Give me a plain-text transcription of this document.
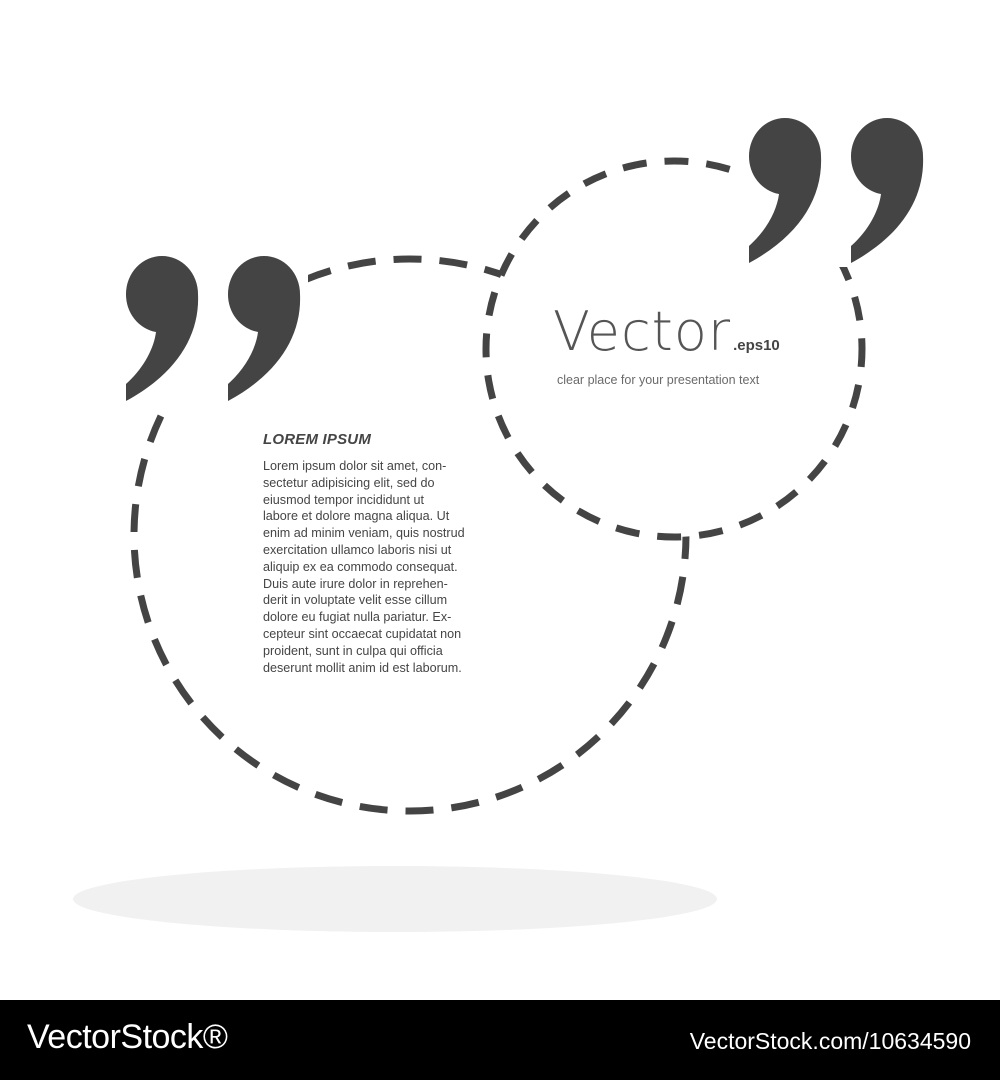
LOREM IPSUM
Lorem ipsum dolor sit amet, con-
sectetur adipisicing elit, sed do
eiusmod tempor incididunt ut
labore et dolore magna aliqua. Ut
enim ad minim veniam, quis nostrud
exercitation ullamco laboris nisi ut
aliquip ex ea commodo consequat.
Duis aute irure dolor in reprehen-
derit in voluptate velit esse cillum
dolore eu fugiat nulla pariatur. Ex-
cepteur sint occaecat cupidatat non
proident, sunt in culpa qui officia
deserunt mollit anim id est laborum.
Vector .eps10
clear place for your presentation text
VectorStock®	VectorStock.com/10634590
